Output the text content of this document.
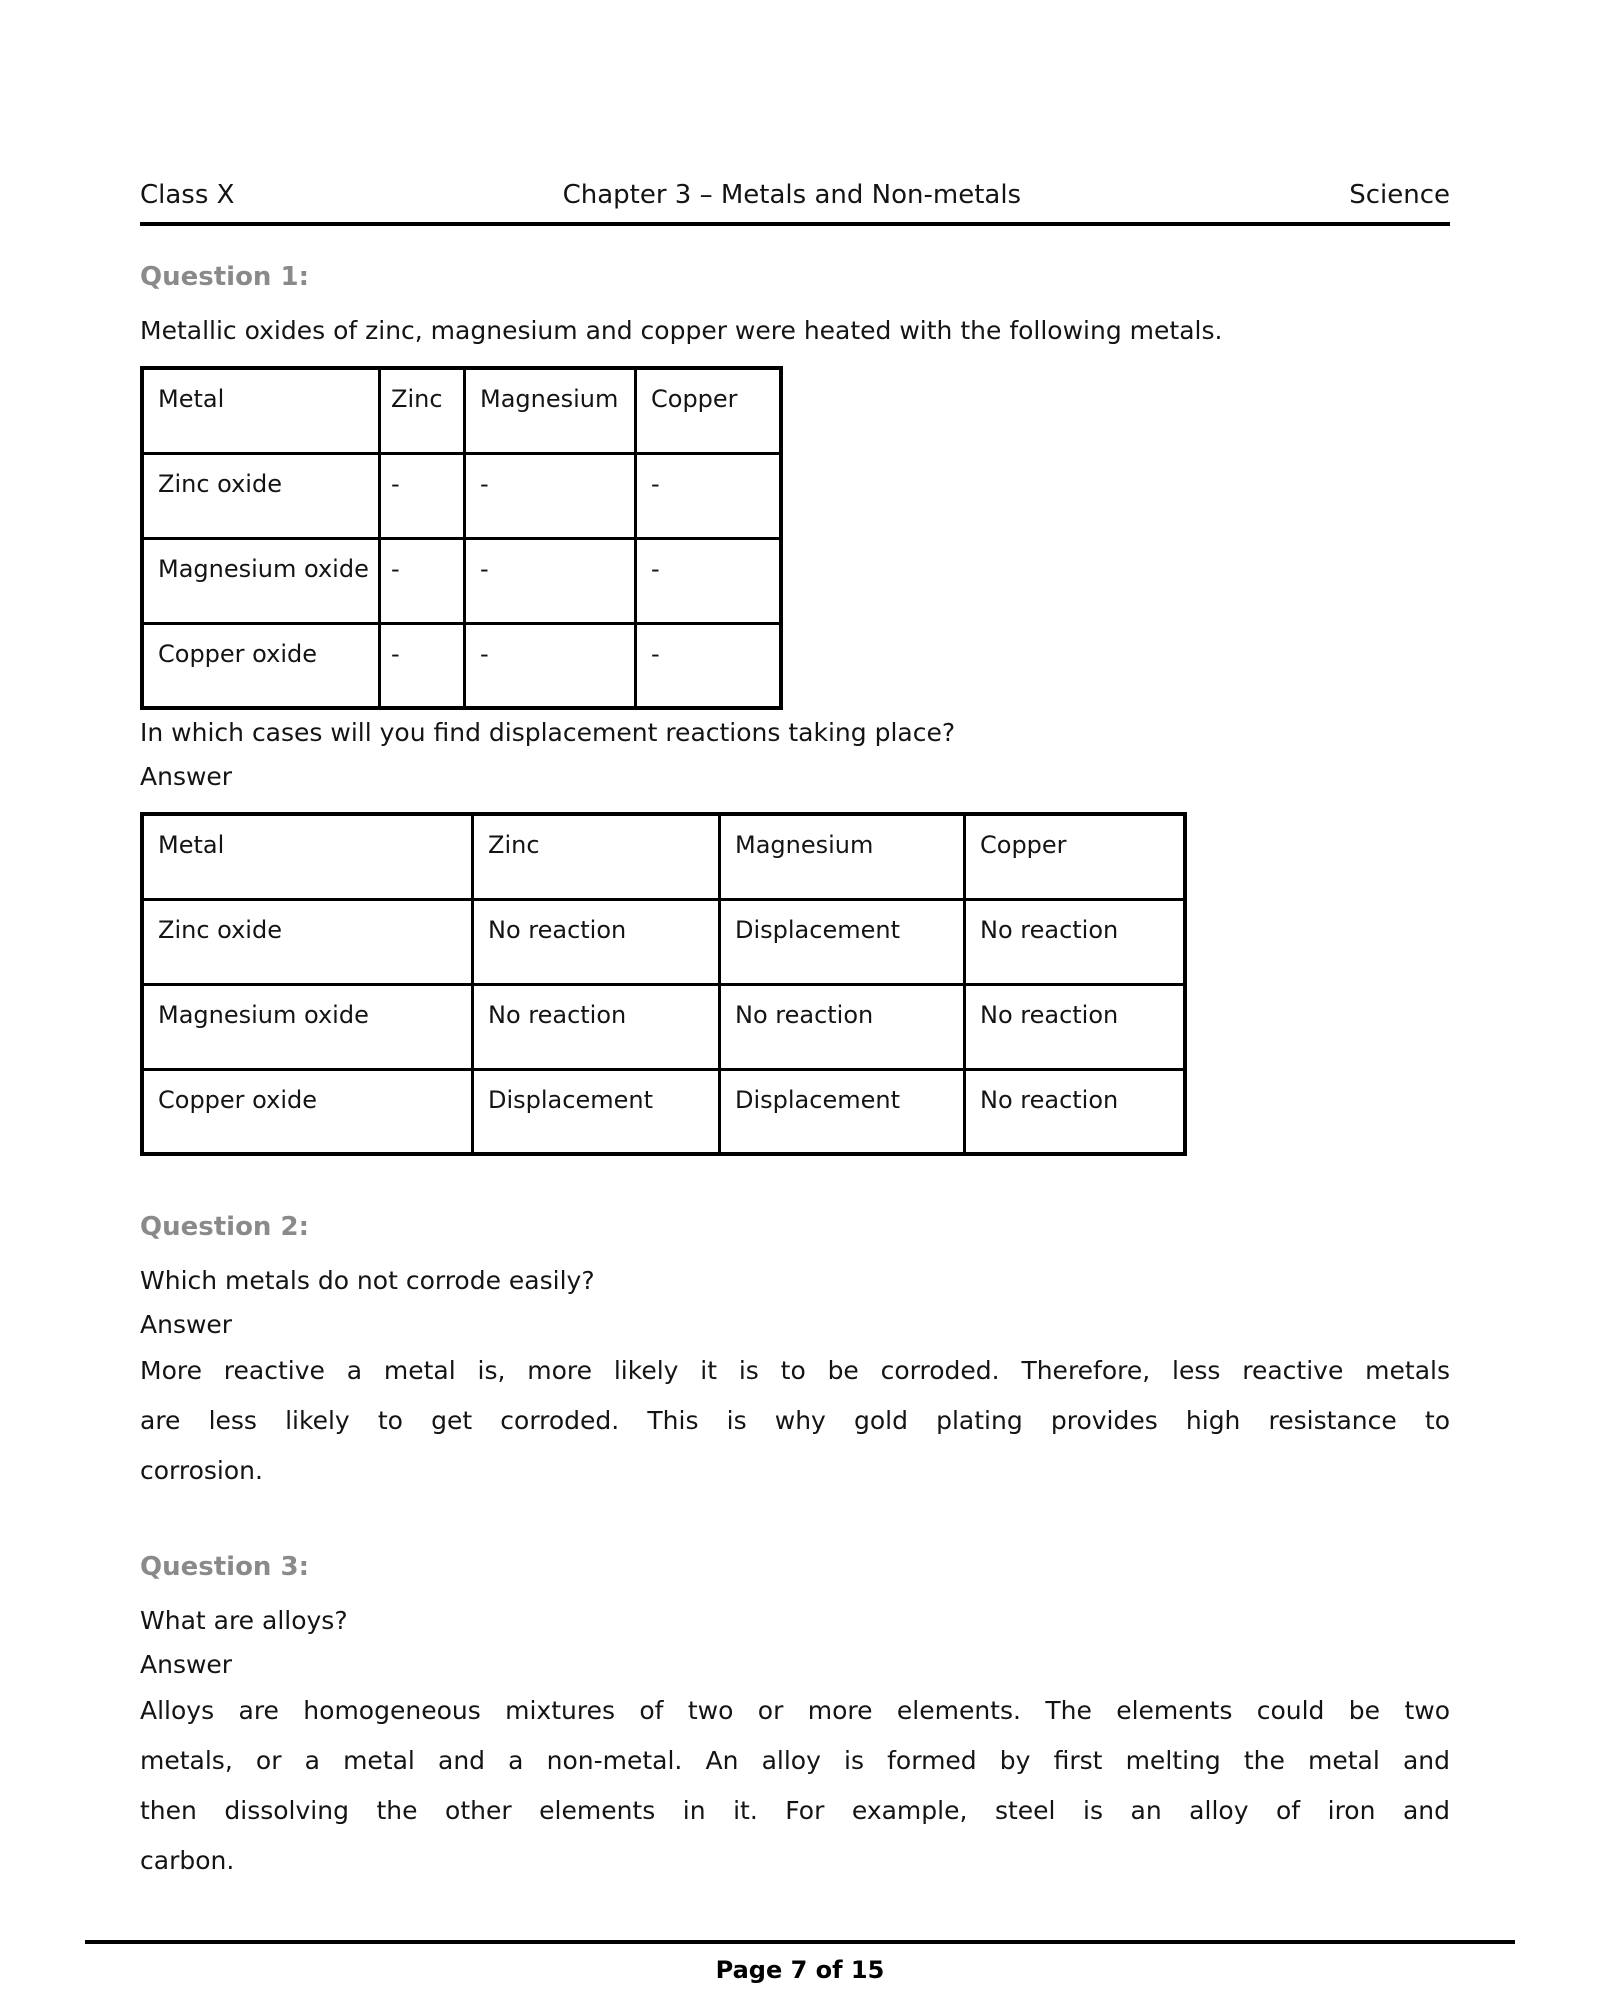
Class X	Chapter 3 – Metals and Non-metals	Science
Question 1:
Metallic oxides of zinc, magnesium and copper were heated with the following metals.
Metal	Zinc	Magnesium	Copper
Zinc oxide	-	-	-
Magnesium oxide	-	-	-
Copper oxide	-	-	-
In which cases will you find displacement reactions taking place?
Answer
Metal	Zinc	Magnesium	Copper
Zinc oxide	No reaction	Displacement	No reaction
Magnesium oxide	No reaction	No reaction	No reaction
Copper oxide	Displacement	Displacement	No reaction
Question 2:
Which metals do not corrode easily?
Answer
More reactive a metal is, more likely it is to be corroded. Therefore, less reactive metals
are less likely to get corroded. This is why gold plating provides high resistance to
corrosion.
Question 3:
What are alloys?
Answer
Alloys are homogeneous mixtures of two or more elements. The elements could be two
metals, or a metal and a non-metal. An alloy is formed by first melting the metal and
then dissolving the other elements in it. For example, steel is an alloy of iron and
carbon.
Page 7 of 15
